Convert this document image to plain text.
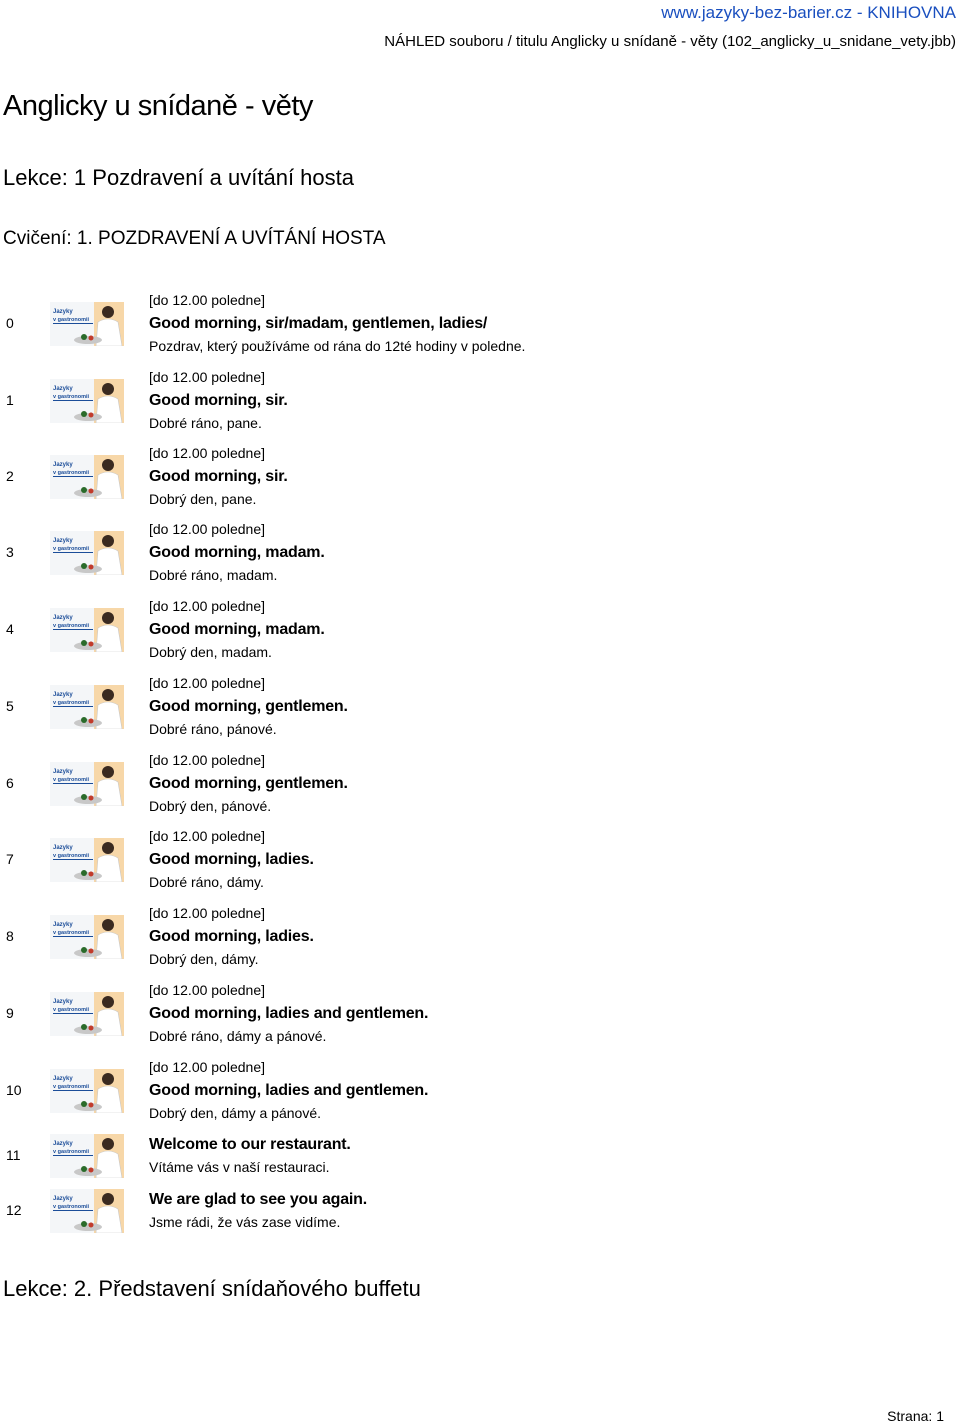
www.jazyky-bez-barier.cz - KNIHOVNA
NÁHLED souboru / titulu Anglicky u snídaně - věty (102_anglicky_u_snidane_vety.jbb)
Anglicky u snídaně - věty
Lekce: 1 Pozdravení a uvítání hosta
Cvičení: 1. POZDRAVENÍ A UVÍTÁNÍ HOSTA
0
Jazyky
v gastronomii
[do 12.00 poledne]
Good morning, sir/madam, gentlemen, ladies/
Pozdrav, který používáme od rána do 12té hodiny v poledne.
1
Jazyky
v gastronomii
[do 12.00 poledne]
Good morning, sir.
Dobré ráno, pane.
2
Jazyky
v gastronomii
[do 12.00 poledne]
Good morning, sir.
Dobrý den, pane.
3
Jazyky
v gastronomii
[do 12.00 poledne]
Good morning, madam.
Dobré ráno, madam.
4
Jazyky
v gastronomii
[do 12.00 poledne]
Good morning, madam.
Dobrý den, madam.
5
Jazyky
v gastronomii
[do 12.00 poledne]
Good morning, gentlemen.
Dobré ráno, pánové.
6
Jazyky
v gastronomii
[do 12.00 poledne]
Good morning, gentlemen.
Dobrý den, pánové.
7
Jazyky
v gastronomii
[do 12.00 poledne]
Good morning, ladies.
Dobré ráno, dámy.
8
Jazyky
v gastronomii
[do 12.00 poledne]
Good morning, ladies.
Dobrý den, dámy.
9
Jazyky
v gastronomii
[do 12.00 poledne]
Good morning, ladies and gentlemen.
Dobré ráno, dámy a pánové.
10
Jazyky
v gastronomii
[do 12.00 poledne]
Good morning, ladies and gentlemen.
Dobrý den, dámy a pánové.
11
Jazyky
v gastronomii	Welcome to our restaurant.
Vítáme vás v naší restauraci.
12
Jazyky
v gastronomii	We are glad to see you again.
Jsme rádi, že vás zase vidíme.
Lekce: 2. Představení snídaňového buffetu
Strana: 1
